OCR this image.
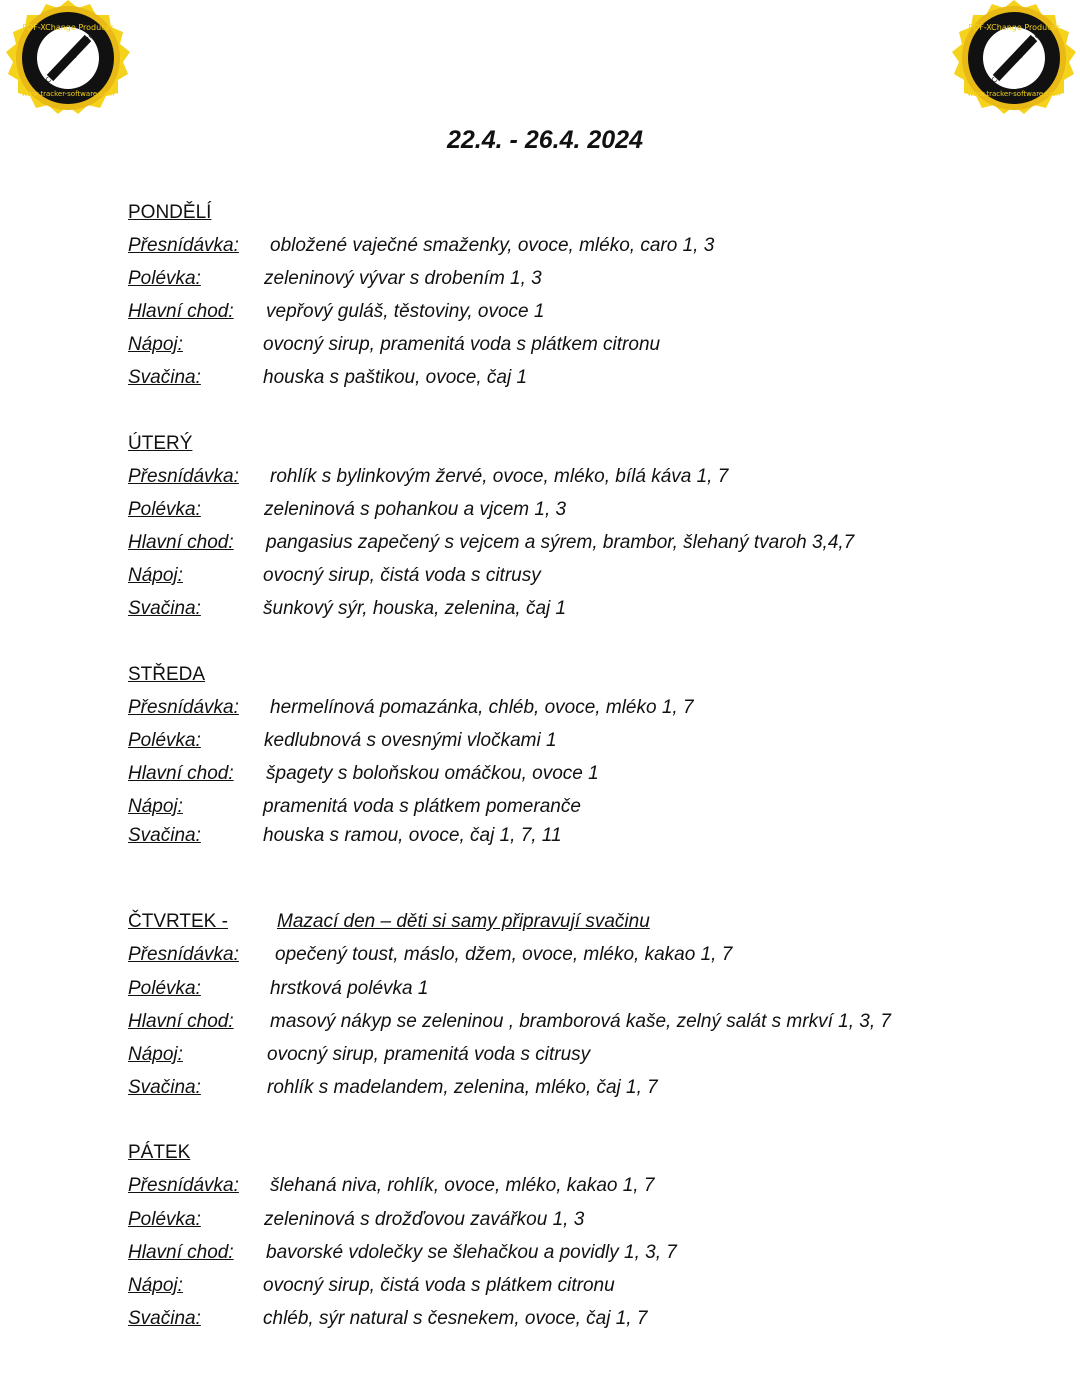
PDF-XChange Producer
Click to buy NOW!
www.tracker-software.com
PDF-XChange Producer
Click to buy NOW!
www.tracker-software.com
22.4. - 26.4. 2024
PONDĚLÍ
Přesnídávka: obložené vaječné smaženky, ovoce, mléko, caro 1, 3
Polévka:	zeleninový vývar s drobením 1, 3
Hlavní chod: vepřový guláš, těstoviny, ovoce 1
Nápoj:	ovocný sirup, pramenitá voda s plátkem citronu
Svačina:	houska s paštikou, ovoce, čaj 1
ÚTERÝ
Přesnídávka: rohlík s bylinkovým žervé, ovoce, mléko, bílá káva 1, 7
Polévka:	zeleninová s pohankou a vjcem 1, 3
Hlavní chod: pangasius zapečený s vejcem a sýrem, brambor, šlehaný tvaroh 3,4,7
Nápoj:	ovocný sirup, čistá voda s citrusy
Svačina:	šunkový sýr, houska, zelenina, čaj 1
STŘEDA
Přesnídávka: hermelínová pomazánka, chléb, ovoce, mléko 1, 7
Polévka:	kedlubnová s ovesnými vločkami 1
Hlavní chod: špagety s boloňskou omáčkou, ovoce 1
Nápoj:	pramenitá voda s plátkem pomeranče
Svačina:	houska s ramou, ovoce, čaj 1, 7, 11
ČTVRTEK -	Mazací den – děti si samy připravují svačinu
Přesnídávka: opečený toust, máslo, džem, ovoce, mléko, kakao 1, 7
Polévka:	hrstková polévka 1
Hlavní chod: masový nákyp se zeleninou , bramborová kaše, zelný salát s mrkví 1, 3, 7
Nápoj:	ovocný sirup, pramenitá voda s citrusy
Svačina:	rohlík s madelandem, zelenina, mléko, čaj 1, 7
PÁTEK
Přesnídávka: šlehaná niva, rohlík, ovoce, mléko, kakao 1, 7
Polévka:	zeleninová s drožďovou zavářkou 1, 3
Hlavní chod: bavorské vdolečky se šlehačkou a povidly 1, 3, 7
Nápoj:	ovocný sirup, čistá voda s plátkem citronu
Svačina:	chléb, sýr natural s česnekem, ovoce, čaj 1, 7
